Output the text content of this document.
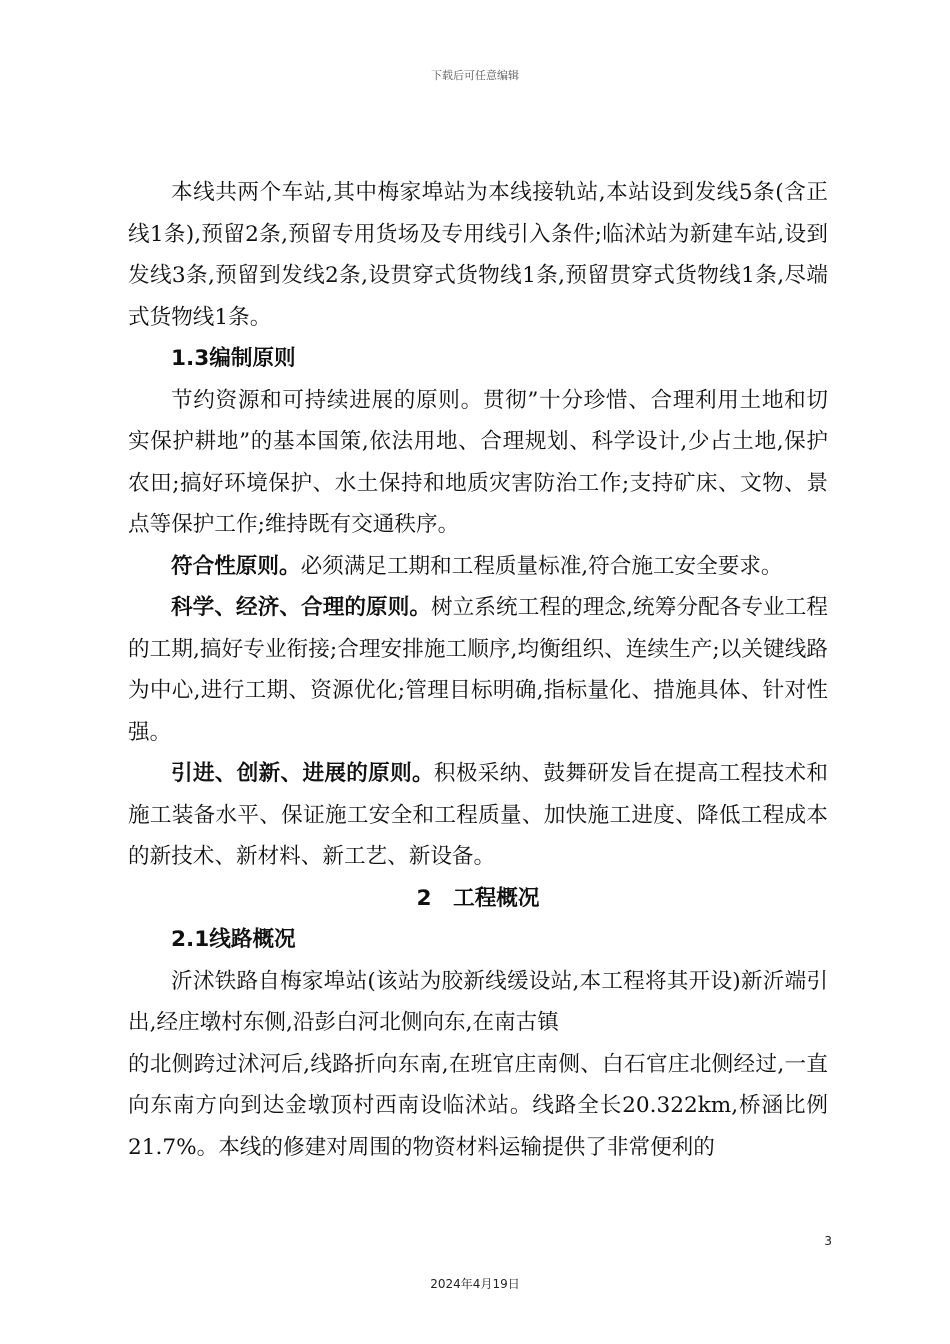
下载后可任意编辑

本线共两个车站,其中梅家埠站为本线接轨站,本站设到发线5条(含正线1条),预留2条,预留专用货场及专用线引入条件;临沭站为新建车站,设到发线3条,预留到发线2条,设贯穿式货物线1条,预留贯穿式货物线1条,尽端式货物线1条。

1.3编制原则

节约资源和可持续进展的原则。贯彻”十分珍惜、合理利用土地和切实保护耕地”的基本国策,依法用地、合理规划、科学设计,少占土地,保护农田;搞好环境保护、水土保持和地质灾害防治工作;支持矿床、文物、景点等保护工作;维持既有交通秩序。

符合性原则。必须满足工期和工程质量标准,符合施工安全要求。

科学、经济、合理的原则。树立系统工程的理念,统筹分配各专业工程的工期,搞好专业衔接;合理安排施工顺序,均衡组织、连续生产;以关键线路为中心,进行工期、资源优化;管理目标明确,指标量化、措施具体、针对性强。

引进、创新、进展的原则。积极采纳、鼓舞研发旨在提高工程技术和施工装备水平、保证施工安全和工程质量、加快施工进度、降低工程成本的新技术、新材料、新工艺、新设备。

2　工程概况

2.1线路概况

沂沭铁路自梅家埠站(该站为胶新线缓设站,本工程将其开设)新沂端引出,经庄墩村东侧,沿彭白河北侧向东,在南古镇

的北侧跨过沭河后,线路折向东南,在班官庄南侧、白石官庄北侧经过,一直向东南方向到达金墩顶村西南设临沭站。线路全长20.322km,桥涵比例21.7%。本线的修建对周围的物资材料运输提供了非常便利的

3
2024年4月19日
